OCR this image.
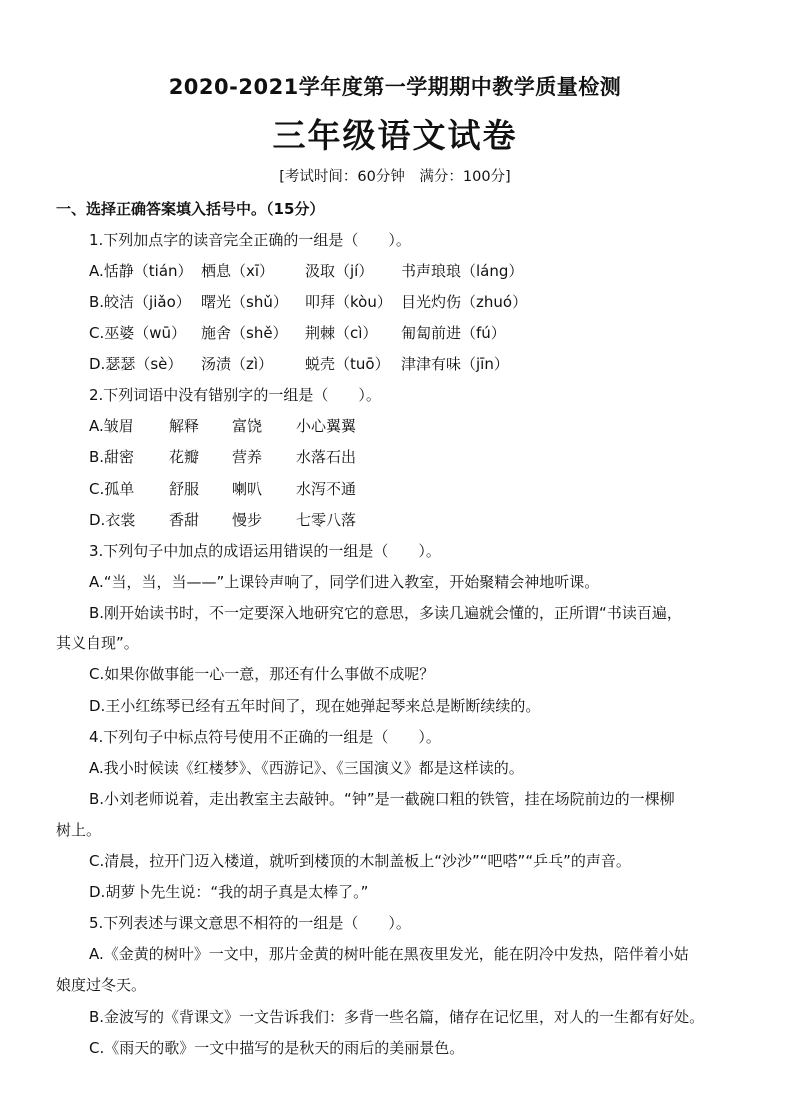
2020-2021学年度第一学期期中教学质量检测
三年级语文试卷
[考试时间：60分钟　满分：100分]
一、选择正确答案填入括号中。（15分）
1.下列加点字的读音完全正确的一组是（　　）。
A.恬静（tián） 栖息（xī）	汲取（jí）	书声琅琅（láng）
B.皎洁（jiǎo） 曙光（shǔ）	叩拜（kòu） 目光灼伤（zhuó）
C.巫婆（wū） 施舍（shě）	荆棘（cì）	匍匐前进（fú）
D.瑟瑟（sè）	汤渍（zì）	蜕壳（tuō） 津津有味（jīn）
2.下列词语中没有错别字的一组是（　　）。
A.皱眉	解释	富饶	小心翼翼
B.甜密	花瓣	营养	水落石出
C.孤单	舒服	喇叭	水泻不通
D.衣裳	香甜	慢步	七零八落
3.下列句子中加点的成语运用错误的一组是（　　）。
A.“当，当，当——”上课铃声响了，同学们进入教室，开始聚精会神地听课。
B.刚开始读书时，不一定要深入地研究它的意思，多读几遍就会懂的，正所谓“书读百遍，
其义自现”。
C.如果你做事能一心一意，那还有什么事做不成呢？
D.王小红练琴已经有五年时间了，现在她弹起琴来总是断断续续的。
4.下列句子中标点符号使用不正确的一组是（　　）。
A.我小时候读《红楼梦》、《西游记》、《三国演义》都是这样读的。
B.小刘老师说着，走出教室主去敲钟。“钟”是一截碗口粗的铁管，挂在场院前边的一棵柳
树上。
C.清晨，拉开门迈入楼道，就听到楼顶的木制盖板上“沙沙”“吧嗒”“乒乓”的声音。
D.胡萝卜先生说：“我的胡子真是太棒了。”
5.下列表述与课文意思不相符的一组是（　　）。
A.《金黄的树叶》一文中，那片金黄的树叶能在黑夜里发光，能在阴冷中发热，陪伴着小姑
娘度过冬天。
B.金波写的《背课文》一文告诉我们：多背一些名篇，储存在记忆里，对人的一生都有好处。
C.《雨天的歌》一文中描写的是秋天的雨后的美丽景色。
